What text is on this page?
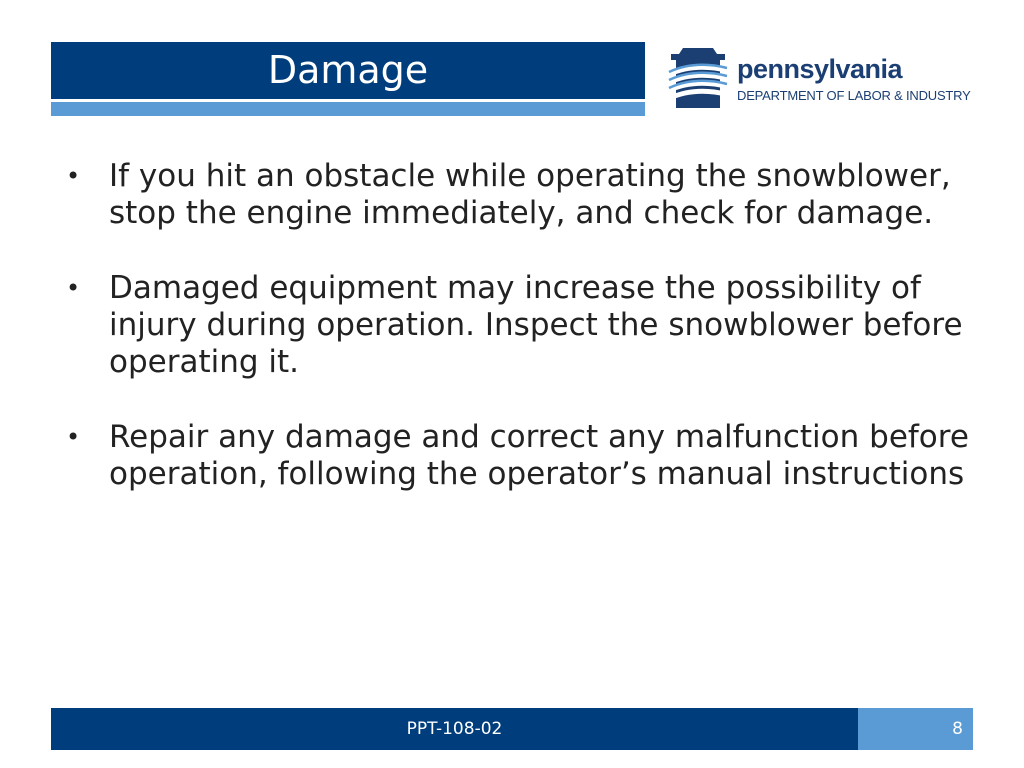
Damage	pennsylvania
DEPARTMENT OF LABOR & INDUSTRY
• If you hit an obstacle while operating the snowblower, stop the engine immediately, and check for damage.
• Damaged equipment may increase the possibility of injury during operation. Inspect the snowblower before operating it.
• Repair any damage and correct any malfunction before operation, following the operator’s manual instructions
PPT-108-02	8
